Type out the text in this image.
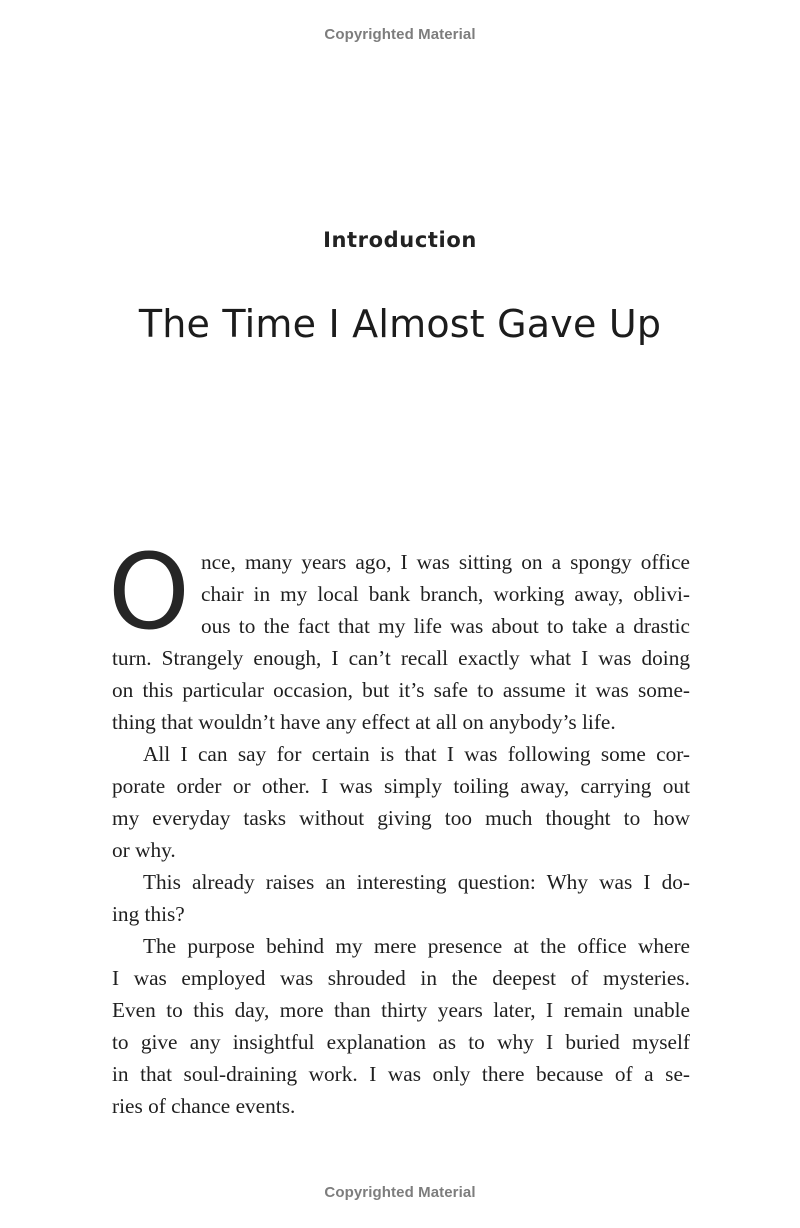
Copyrighted Material
Introduction
The Time I Almost Gave Up
O nce, many years ago, I was sitting on a spongy office
chair in my local bank branch, working away, oblivi-
ous to the fact that my life was about to take a drastic
turn. Strangely enough, I can’t recall exactly what I was doing
on this particular occasion, but it’s safe to assume it was some-
thing that wouldn’t have any effect at all on anybody’s life.
All I can say for certain is that I was following some cor-
porate order or other. I was simply toiling away, carrying out
my everyday tasks without giving too much thought to how
or why.
This already raises an interesting question: Why was I do-
ing this?
The purpose behind my mere presence at the office where
I was employed was shrouded in the deepest of mysteries.
Even to this day, more than thirty years later, I remain unable
to give any insightful explanation as to why I buried myself
in that soul-draining work. I was only there because of a se-
ries of chance events.
Copyrighted Material
